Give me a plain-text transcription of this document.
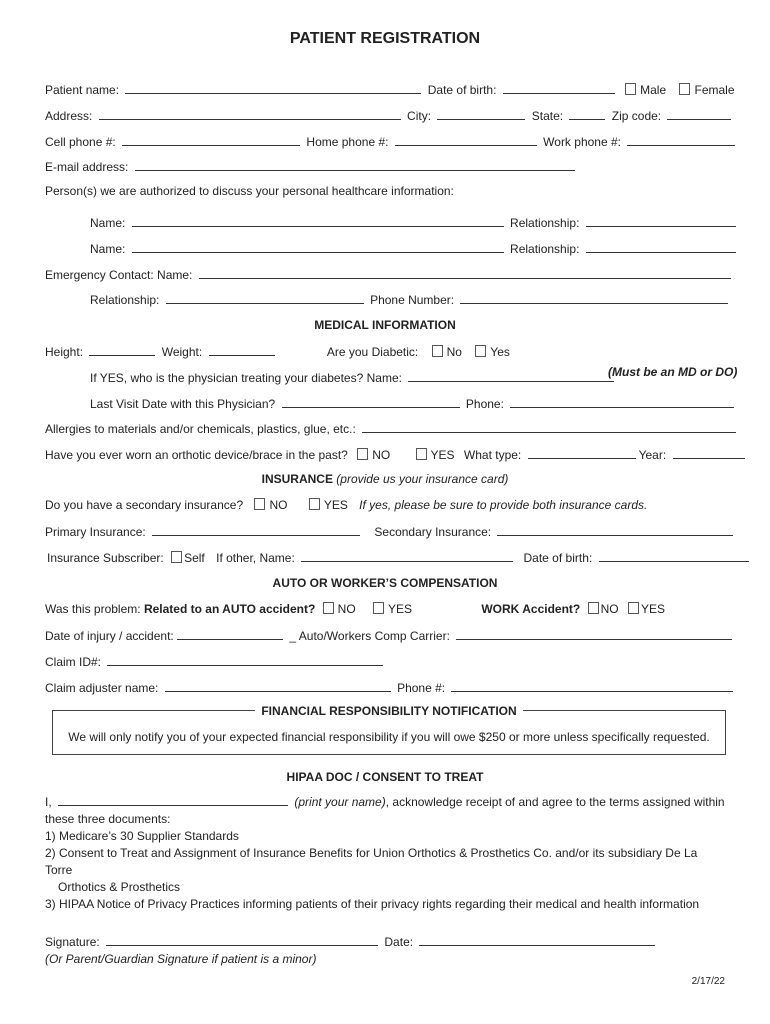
PATIENT REGISTRATION
Patient name:	Date of birth:	Male Female
Address:	City:	State:	Zip code:
Cell phone #:	Home phone #:	Work phone #:
E-mail address:
Person(s) we are authorized to discuss your personal healthcare information:
Name:	Relationship:
Name:	Relationship:
Emergency Contact: Name:
Relationship:	Phone Number:
MEDICAL INFORMATION
Height:	Weight:	Are you Diabetic: No Yes
If YES, who is the physician treating your diabetes? Name:	(Must be an MD or DO)
Last Visit Date with this Physician?	Phone:
Allergies to materials and/or chemicals, plastics, glue, etc.:
Have you ever worn an orthotic device/brace in the past? NO	YES What type:	Year:
INSURANCE (provide us your insurance card)
Do you have a secondary insurance? NO	YES If yes, please be sure to provide both insurance cards.
Primary Insurance:	Secondary Insurance:
Insurance Subscriber: Self If other, Name:	Date of birth:
AUTO OR WORKER’S COMPENSATION
Was this problem: Related to an AUTO accident? NO	YES	WORK Accident? NO YES
Date of injury / accident:	_ Auto/Workers Comp Carrier:
Claim ID#:
Claim adjuster name:	Phone #:
FINANCIAL RESPONSIBILITY NOTIFICATION
We will only notify you of your expected financial responsibility if you will owe $250 or more unless specifically requested.
HIPAA DOC / CONSENT TO TREAT
I,	(print your name), acknowledge receipt of and agree to the terms assigned within
these three documents:
1) Medicare’s 30 Supplier Standards
2) Consent to Treat and Assignment of Insurance Benefits for Union Orthotics & Prosthetics Co. and/or its subsidiary De La Torre
Orthotics & Prosthetics
3) HIPAA Notice of Privacy Practices informing patients of their privacy rights regarding their medical and health information
Signature:	Date:
(Or Parent/Guardian Signature if patient is a minor)
2/17/22
